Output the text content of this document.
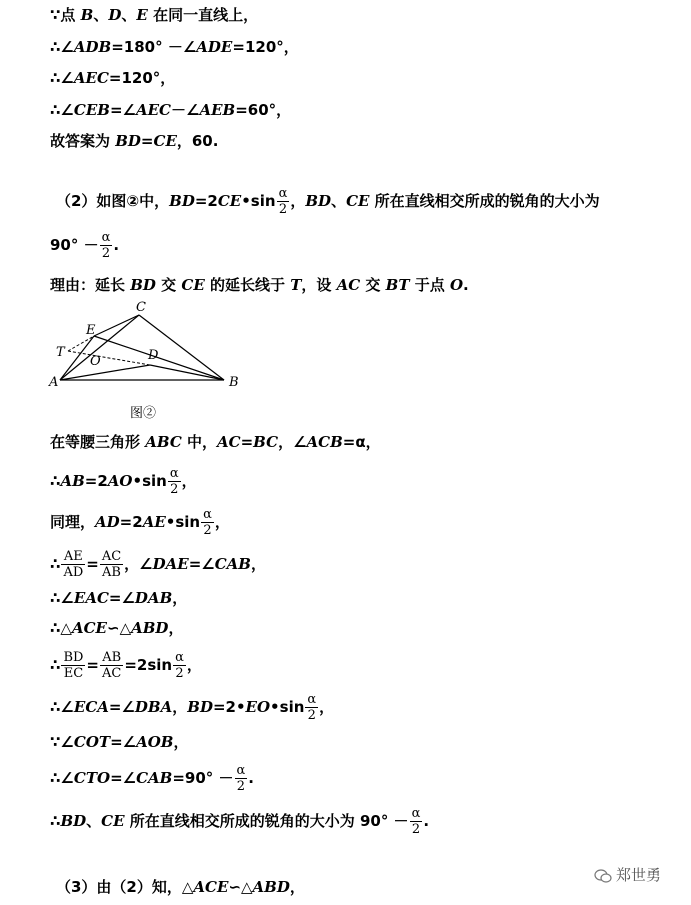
∵点 B、D、E 在同一直线上，
∴∠ADB=180° －∠ADE=120°，
∴∠AEC=120°，
∴∠CEB=∠AEC－∠AEB=60°，
故答案为 BD=CE，60.
（2）如图②中，BD=2CE•sin $\frac{\alpha}{2}$ ，BD、CE 所在直线相交所成的锐角的大小为
$90^\circ - \frac{\alpha}{2}$ .
理由：延长 BD 交 CE 的延长线于 T，设 AC 交 BT 于点 O.
C
E
T
O	D
A	B
图②
在等腰三角形 ABC 中，AC=BC，∠ACB=α，
∴AB=2AO•sin $\frac{\alpha}{2}$ ，
同理，AD=2AE•sin $\frac{\alpha}{2}$ ，
∴ $\frac{AE}{AD} = \frac{AC}{AB}$ ，∠DAE=∠CAB，
∴∠EAC=∠DAB，
∴△ACE∽△ABD，
∴ $\frac{BD}{EC} = \frac{AB}{AC} =2\sin \frac{\alpha}{2}$ ，
∴∠ECA=∠DBA，BD=2•EO•sin $\frac{\alpha}{2}$ ，
∵∠COT=∠AOB，
∴∠CTO=∠CAB=90° － $\frac{\alpha}{2}$ .
∴BD、CE 所在直线相交所成的锐角的大小为 $90^\circ - \frac{\alpha}{2}$ .
（3）由（2）知，△ACE∽△ABD，
郑世勇
